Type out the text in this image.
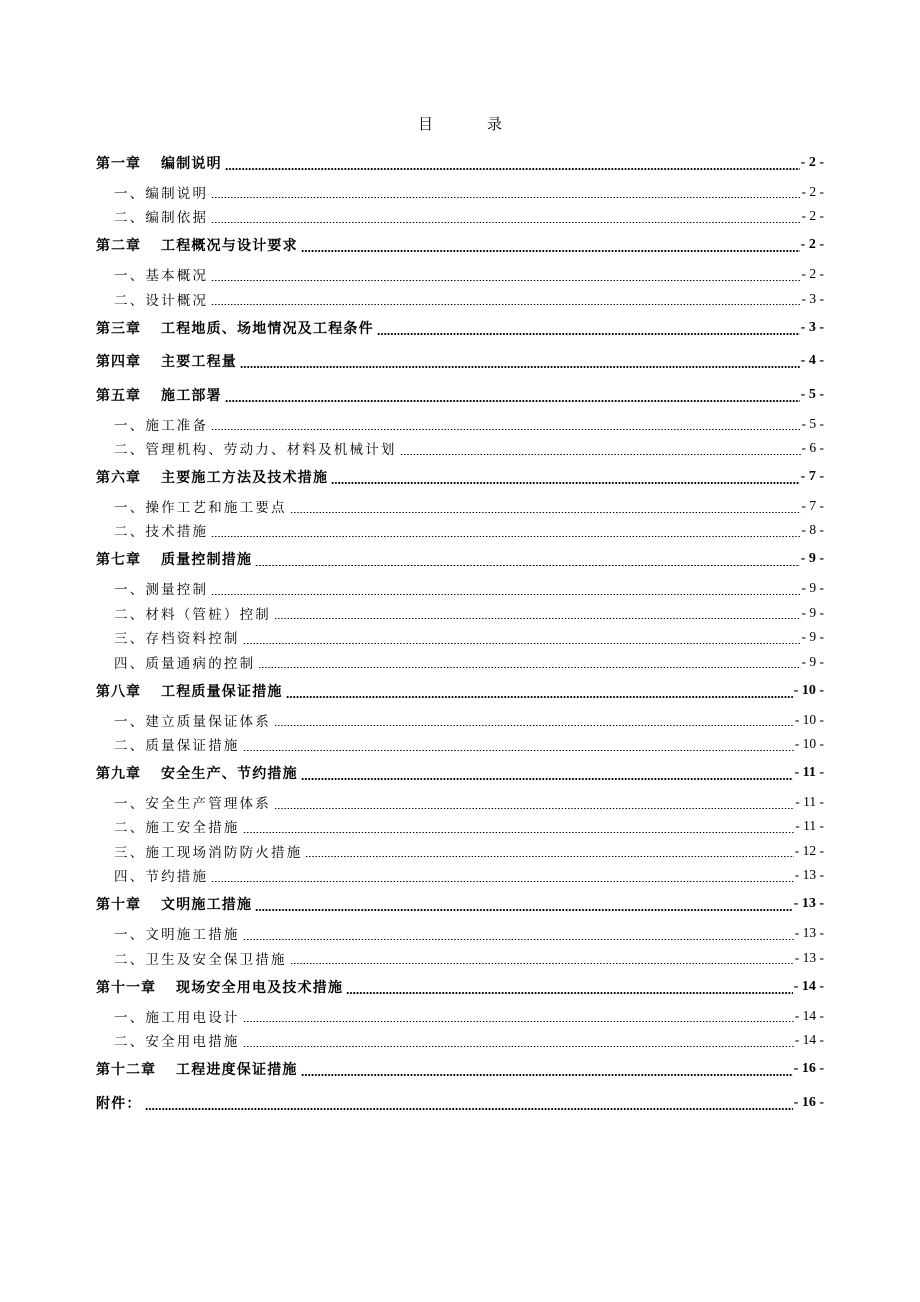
目	录
第一章 编制说明	- 2 -
一、编制说明	- 2 -
二、编制依据	- 2 -
第二章 工程概况与设计要求	- 2 -
一、基本概况	- 2 -
二、设计概况	- 3 -
第三章 工程地质、场地情况及工程条件	- 3 -
第四章 主要工程量	- 4 -
第五章 施工部署	- 5 -
一、施工准备	- 5 -
二、管理机构、劳动力、材料及机械计划	- 6 -
第六章 主要施工方法及技术措施	- 7 -
一、操作工艺和施工要点	- 7 -
二、技术措施	- 8 -
第七章 质量控制措施	- 9 -
一、测量控制	- 9 -
二、材料（管桩）控制	- 9 -
三、存档资料控制	- 9 -
四、质量通病的控制	- 9 -
第八章 工程质量保证措施	- 10 -
一、建立质量保证体系	- 10 -
二、质量保证措施	- 10 -
第九章 安全生产、节约措施	- 11 -
一、安全生产管理体系	- 11 -
二、施工安全措施	- 11 -
三、施工现场消防防火措施	- 12 -
四、节约措施	- 13 -
第十章 文明施工措施	- 13 -
一、文明施工措施	- 13 -
二、卫生及安全保卫措施	- 13 -
第十一章 现场安全用电及技术措施	- 14 -
一、施工用电设计	- 14 -
二、安全用电措施	- 14 -
第十二章 工程进度保证措施	- 16 -
附件：	- 16 -
